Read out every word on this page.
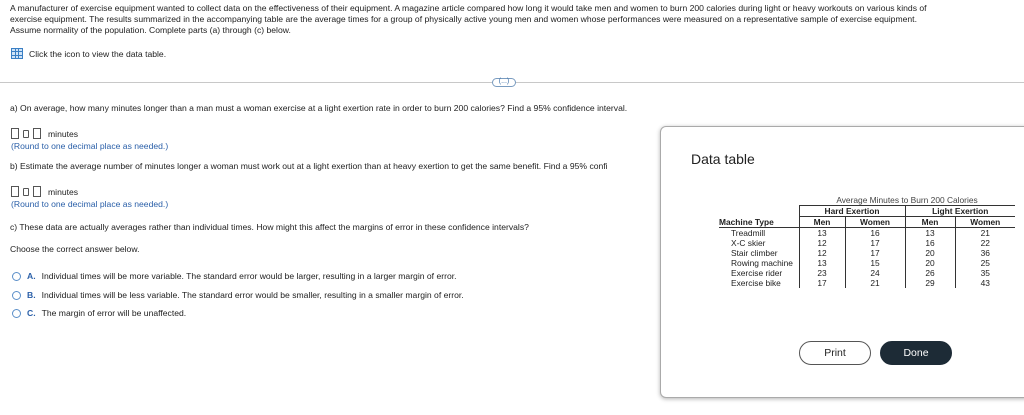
A manufacturer of exercise equipment wanted to collect data on the effectiveness of their equipment. A magazine article compared how long it would take men and women to burn 200 calories during light or heavy workouts on various kinds of
exercise equipment. The results summarized in the accompanying table are the average times for a group of physically active young men and women whose performances were measured on a representative sample of exercise equipment.
Assume normality of the population. Complete parts (a) through (c) below.
Click the icon to view the data table.
(...)
a) On average, how many minutes longer than a man must a woman exercise at a light exertion rate in order to burn 200 calories? Find a 95% confidence interval.
minutes
(Round to one decimal place as needed.)
b) Estimate the average number of minutes longer a woman must work out at a light exertion than at heavy exertion to get the same benefit. Find a 95% confi
minutes
(Round to one decimal place as needed.)
c) These data are actually averages rather than individual times. How might this affect the margins of error in these confidence intervals?
Choose the correct answer below.
A. Individual times will be more variable. The standard error would be larger, resulting in a larger margin of error.
B. Individual times will be less variable. The standard error would be smaller, resulting in a smaller margin of error.
C. The margin of error will be unaffected.
Data table
	Average Minutes to Burn 200 Calories			
	Hard Exertion		Light Exertion	
Machine Type	Men	Women	Men	Women
Treadmill	13	16	13	21
X-C skier	12	17	16	22
Stair climber	12	17	20	36
Rowing machine	13	15	20	25
Exercise rider	23	24	26	35
Exercise bike	17	21	29	43
Print	Done
